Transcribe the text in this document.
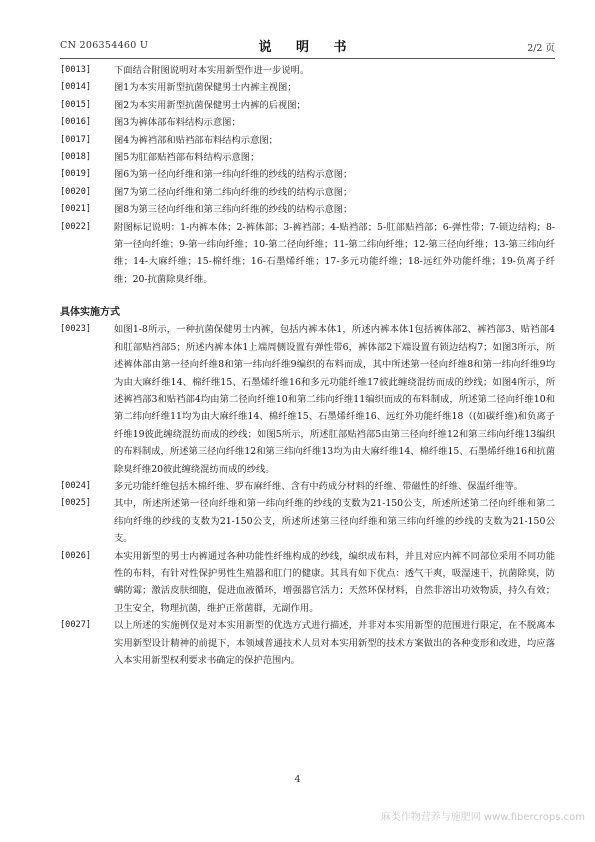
CN 206354460 U	说 明 书	2/2 页

[0013] 下面结合附图说明对本实用新型作进一步说明。

[0014] 图1为本实用新型抗菌保健男士内裤主视图；

[0015] 图2为本实用新型抗菌保健男士内裤的后视图；

[0016] 图3为裤体部布料结构示意图；

[0017] 图4为裤裆部和贴裆部布料结构示意图；

[0018] 图5为肛部贴裆部布料结构示意图；

[0019] 图6为第一径向纤维和第一纬向纤维的纱线的结构示意图；

[0020] 图7为第二径向纤维和第二纬向纤维的纱线的结构示意图；

[0021] 图8为第三径向纤维和第三纬向纤维的纱线的结构示意图；

[0022] 附图标记说明：1-内裤本体；2-裤体部；3-裤裆部；4-贴裆部；5-肛部贴裆部；6-弹性带；7-锁边结构；8-第一径向纤维；9-第一纬向纤维；10-第二径向纤维；11-第二纬向纤维；12-第三径向纤维；13-第三纬向纤维；14-大麻纤维；15-棉纤维；16-石墨烯纤维；17-多元功能纤维；18-远红外功能纤维；19-负离子纤维；20-抗菌除臭纤维。

具体实施方式

[0023] 如图1-8所示，一种抗菌保健男士内裤，包括内裤本体1，所述内裤本体1包括裤体部2、裤裆部3、贴裆部4和肛部贴裆部5；所述内裤本体1上端周侧设置有弹性带6，裤体部2下端设置有锁边结构7；如图3所示，所述裤体部由第一径向纤维8和第一纬向纤维9编织的布料而成，其中所述第一径向纤维8和第一纬向纤维9均为由大麻纤维14、棉纤维15、石墨烯纤维16和多元功能纤维17彼此缠绕混纺而成的纱线；如图4所示，所述裤裆部3和贴裆部4均由第二径向纤维10和第二纬向纤维11编织而成的布料制成，所述第二径向纤维10和第二纬向纤维11均为由大麻纤维14、棉纤维15、石墨烯纤维16、远红外功能纤维18（(如碳纤维)和负离子纤维19彼此缠绕混纺而成的纱线；如图5所示，所述肛部贴裆部5由第三径向纤维12和第三纬向纤维13编织的布料制成，所述第三径向纤维12和第三纬向纤维13均为由大麻纤维14、棉纤维15、石墨烯纤维16和抗菌除臭纤维20彼此缠绕混纺而成的纱线。

[0024] 多元功能纤维包括木棉纤维、罗布麻纤维、含有中药成分材料的纤维、带磁性的纤维、保温纤维等。

[0025] 其中，所述所述第一径向纤维和第一纬向纤维的纱线的支数为21-150公支，所述所述第二径向纤维和第二纬向纤维的纱线的支数为21-150公支，所述所述第三径向纤维和第三纬向纤维的纱线的支数为21-150公支。

[0026] 本实用新型的男士内裤通过各种功能性纤维构成的纱线，编织成布料，并且对应内裤不同部位采用不同功能性的布料，有针对性保护男性生殖器和肛门的健康。其具有如下优点：透气干爽，吸湿速干，抗菌除臭，防螨防霉；激活皮肤细胞，促进血液循环，增强器官活力；天然环保材料，自然非溶出功效物质，持久有效；卫生安全，物理抗菌，维护正常菌群，无副作用。

[0027] 以上所述的实施例仅是对本实用新型的优选方式进行描述，并非对本实用新型的范围进行限定，在不脱离本实用新型设计精神的前提下，本领域普通技术人员对本实用新型的技术方案做出的各种变形和改进，均应落入本实用新型权利要求书确定的保护范围内。

4
麻类作物营养与施肥网 www.fibercrops.com
